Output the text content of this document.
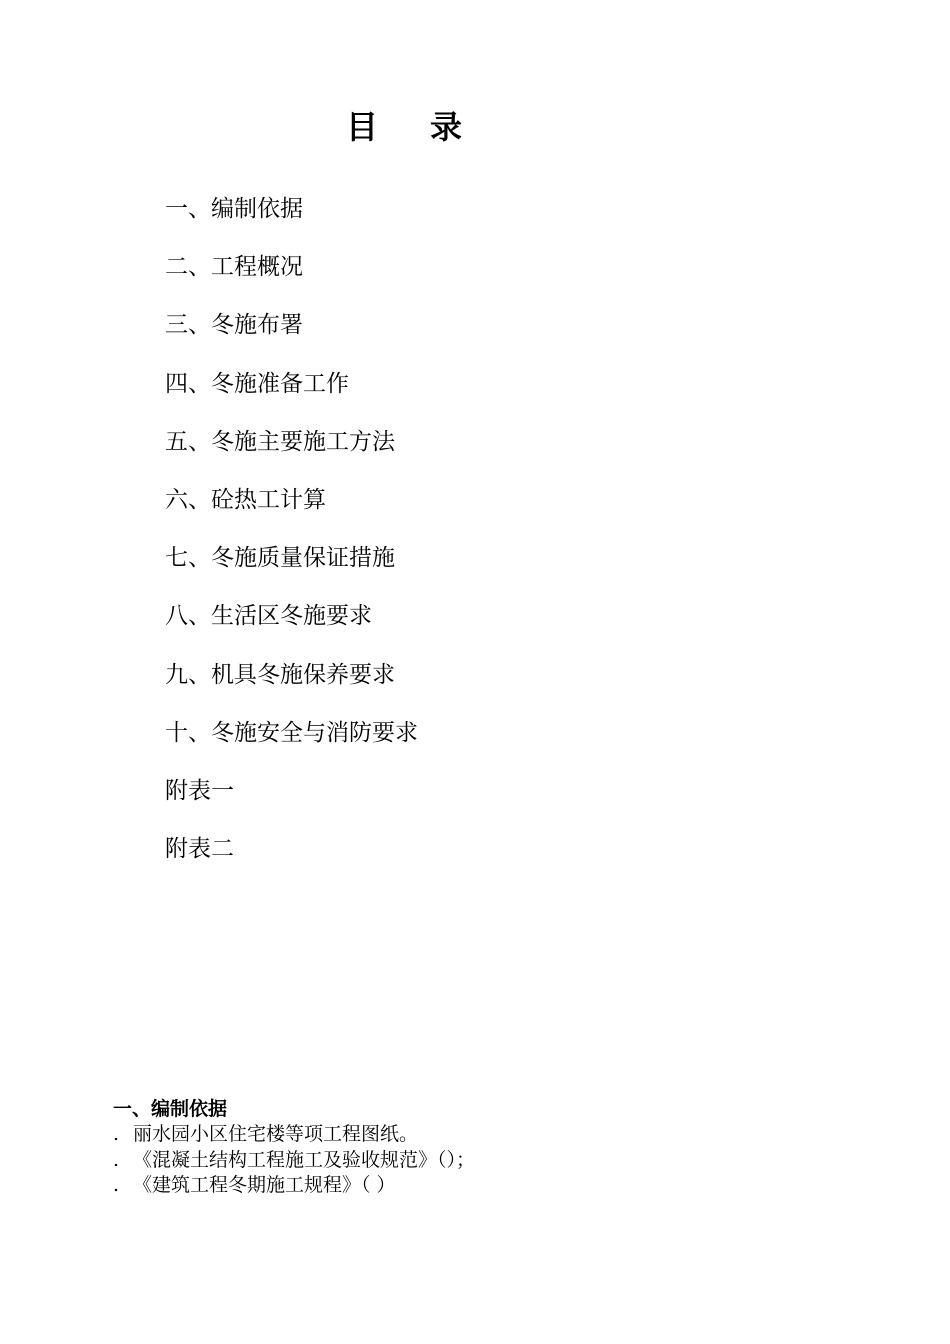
目录
一、编制依据
二、工程概况
三、冬施布署
四、冬施准备工作
五、冬施主要施工方法
六、砼热工计算
七、冬施质量保证措施
八、生活区冬施要求
九、机具冬施保养要求
十、冬施安全与消防要求
附表一
附表二
一、编制依据
. 丽水园小区住宅楼等项工程图纸。
. 《混凝土结构工程施工及验收规范》（）；
. 《建筑工程冬期施工规程》（ ）
